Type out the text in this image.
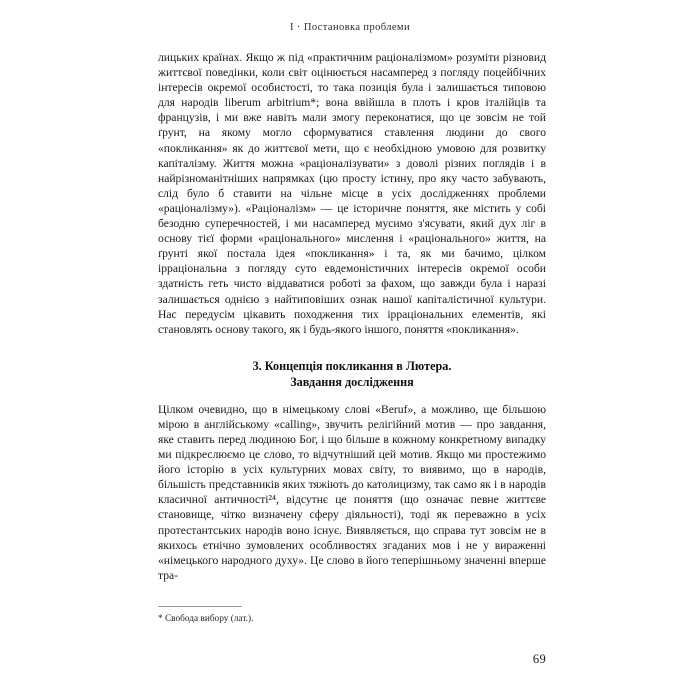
I · Постановка проблеми

лицьких країнах. Якщо ж під «практичним раціоналізмом» розуміти різновид життєвої поведінки, коли світ оцінюється насамперед з погляду поцейбічних інтересів окремої особистості, то така позиція була і залишається типовою для народів liberum arbitrium*; вона ввійшла в плоть і кров італійців та французів, і ми вже навіть мали змогу переконатися, що це зовсім не той ґрунт, на якому могло сформуватися ставлення людини до свого «покликання» як до життєвої мети, що є необхідною умовою для розвитку капіталізму. Життя можна «раціоналізувати» з доволі різних поглядів і в найрізноманітніших напрямках (цю просту істину, про яку часто забувають, слід було б ставити на чільне місце в усіх дослідженнях проблеми «раціоналізму»). «Раціоналізм» — це історичне поняття, яке містить у собі безодню суперечностей, і ми насамперед мусимо з'ясувати, який дух ліг в основу тієї форми «раціонального» мислення і «раціонального» життя, на ґрунті якої постала ідея «покликання» і та, як ми бачимо, цілком ірраціональна з погляду суто евдемоністичних інтересів окремої особи здатність геть чисто віддаватися роботі за фахом, що завжди була і наразі залишається однією з найтиповіших ознак нашої капіталістичної культури. Нас передусім цікавить походження тих ірраціональних елементів, які становлять основу такого, як і будь-якого іншого, поняття «покликання».

3. Концепція покликання в Лютера.
Завдання дослідження

Цілком очевидно, що в німецькому слові «Beruf», а можливо, ще більшою мірою в англійському «calling», звучить релігійний мотив — про завдання, яке ставить перед людиною Бог, і що більше в кожному конкретному випадку ми підкреслюємо це слово, то відчутніший цей мотив. Якщо ми простежимо його історію в усіх культурних мовах світу, то виявимо, що в народів, більшість представників яких тяжіють до католицизму, так само як і в народів класичної античності²⁴, відсутнє це поняття (що означає певне життєве становище, чітко визначену сферу діяльності), тоді як переважно в усіх протестантських народів воно існує. Виявляється, що справа тут зовсім не в якихось етнічно зумовлених особливостях згаданих мов і не у вираженні «німецького народного духу». Це слово в його теперішньому значенні вперше тра-

* Свобода вибору (лат.).
69
